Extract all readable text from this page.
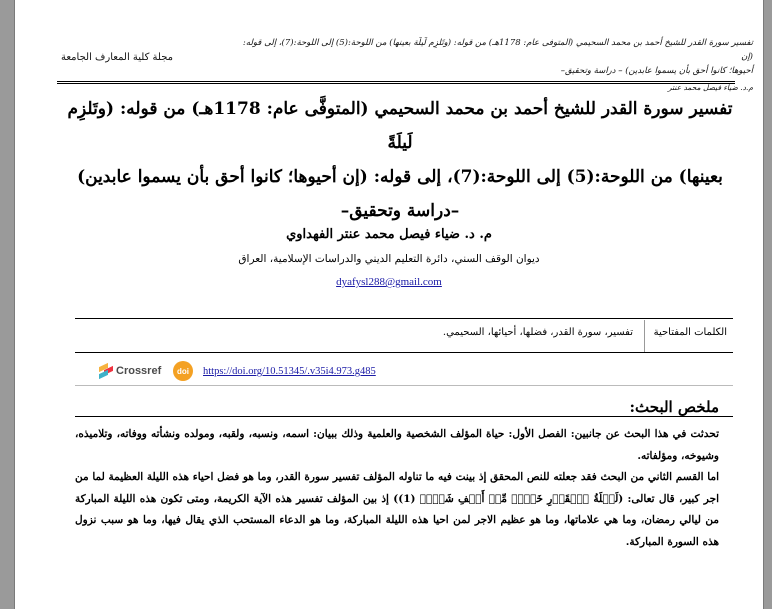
تفسير سورة القدر للشيخ أحمد بن محمد السحيمي (المتوفى عام: 1178هـ) من قوله: (وتَلزِم لَيلَة بعينها) من اللوحة:(5) إلى اللوحة:(7)، إلى قوله: (إن
أحيوها؛ كانوا أحق بأن يسموا عابدين) – دراسة وتحقيق–
م.د. ضياء فيصل محمد عنتر
مجلة كلية المعارف الجامعة
تفسير سورة القدر للشيخ أحمد بن محمد السحيمي (المتوفَّى عام: 1178هـ) من قوله: (وتَلزِم لَيلَةً
بعينها) من اللوحة:(5) إلى اللوحة:(7)، إلى قوله: (إن أحيوها؛ كانوا أحق بأن يسموا عابدين)
–دراسة وتحقيق–
م. د. ضياء فيصل محمد عنتر الفهداوي
ديوان الوقف السني، دائرة التعليم الديني والدراسات الإسلامية، العراق
dyafysl288@gmail.com
الكلمات المفتاحية
تفسير، سورة القدر، فضلها، أحيائها، السحيمي.
Crossref	doi	https://doi.org/10.51345/.v35i4.973.g485
ملخص البحث:

تحدثت في هذا البحث عن جانبين: الفصل الأول: حياة المؤلف الشخصية والعلمية وذلك ببيان: اسمه، ونسبه، ولقبه، ومولده ونشأته ووفاته، وتلاميذه، وشيوخه، ومؤلفاته.

اما القسم الثاني من البحث فقد جعلته للنص المحقق إذ بينت فيه ما تناوله المؤلف تفسير سورة القدر، وما هو فضل احياء هذه الليلة العظيمة لما من اجر كبير، قال تعالى: (لَيۡلَةُ ٱلۡقَدۡرِ خَيۡرٞ مِّنۡ أَلۡفِ شَهۡرٖ (1)) إذ بين المؤلف تفسير هذه الآية الكريمة، ومتى تكون هذه الليلة المباركة من ليالي رمضان، وما هي علاماتها، وما هو عظيم الاجر لمن احيا هذه الليلة المباركة، وما هو الدعاء المستحب الذي يقال فيها، وما هو سبب نزول هذه السورة المباركة.
